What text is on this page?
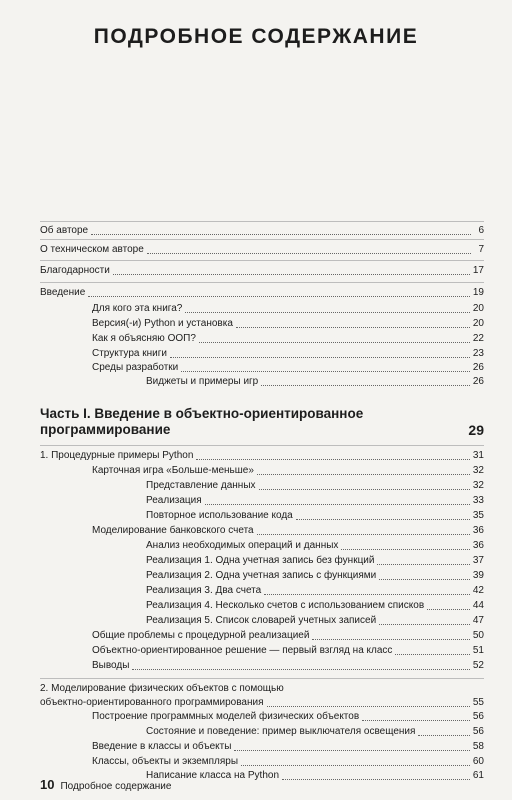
ПОДРОБНОЕ СОДЕРЖАНИЕ
Об авторе	6
О техническом авторе	7
Благодарности	17
Введение	19
Для кого эта книга?	20
Версия(-и) Python и установка	20
Как я объясняю ООП?	22
Структура книги	23
Среды разработки	26
Виджеты и примеры игр	26
Часть I. Введение в объектно-ориентированное программирование	29
1. Процедурные примеры Python	31
Карточная игра «Больше-меньше»	32
Представление данных	32
Реализация	33
Повторное использование кода	35
Моделирование банковского счета	36
Анализ необходимых операций и данных	36
Реализация 1. Одна учетная запись без функций	37
Реализация 2. Одна учетная запись с функциями	39
Реализация 3. Два счета	42
Реализация 4. Несколько счетов с использованием списков	44
Реализация 5. Список словарей учетных записей	47
Общие проблемы с процедурной реализацией	50
Объектно-ориентированное решение — первый взгляд на класс	51
Выводы	52
2. Моделирование физических объектов с помощью
объектно-ориентированного программирования	55
Построение программных моделей физических объектов	56
Состояние и поведение: пример выключателя освещения	56
Введение в классы и объекты	58
Классы, объекты и экземпляры	60
Написание класса на Python	61
10 Подробное содержание
